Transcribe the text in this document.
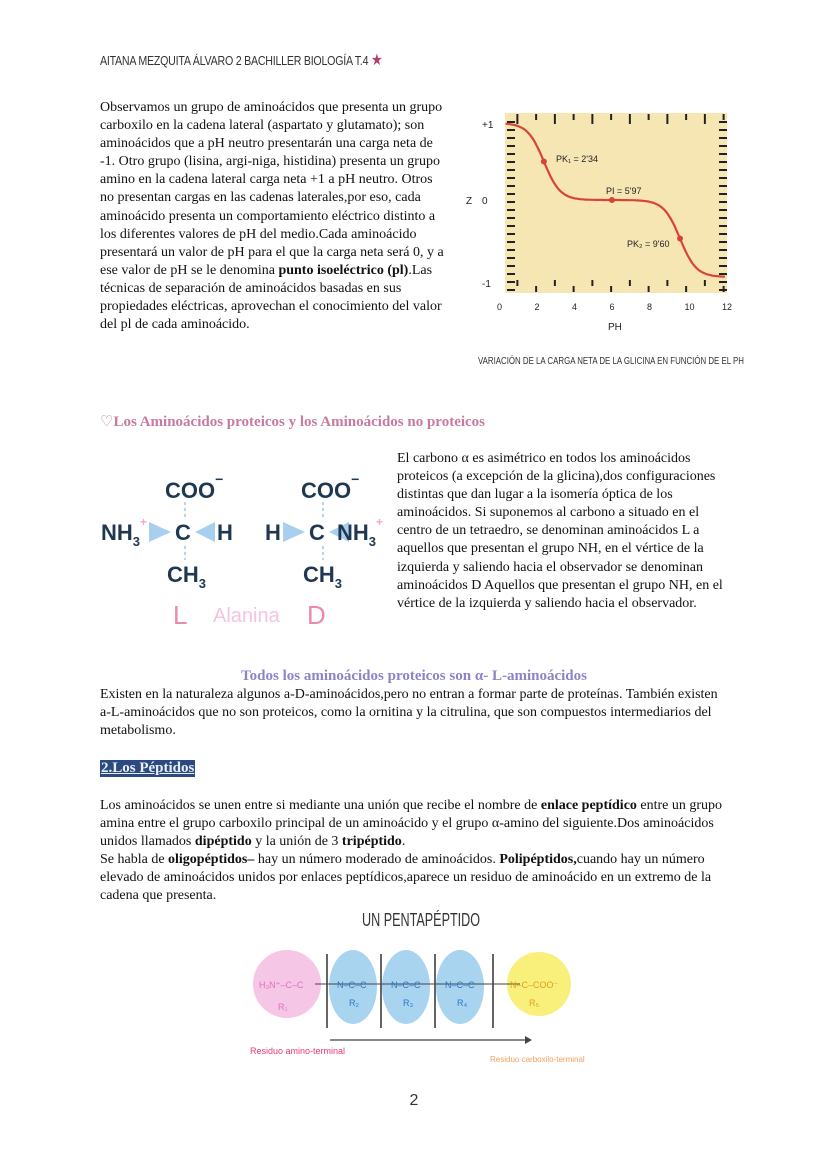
AITANA MEZQUITA ÁLVARO 2 BACHILLER BIOLOGÍA T.4 ★
Observamos un grupo de aminoácidos que presenta un grupo carboxilo en la cadena lateral (aspartato y glutamato); son aminoácidos que a pH neutro presentarán una carga neta de -1. Otro grupo (lisina, argi-niga, histidina) presenta un grupo amino en la cadena lateral carga neta +1 a pH neutro. Otros no presentan cargas en las cadenas laterales,por eso, cada aminoácido presenta un comportamiento eléctrico distinto a los diferentes valores de pH del medio.Cada aminoácido presentará un valor de pH para el que la carga neta será 0, y a ese valor de pH se le denomina punto isoeléctrico (pl).Las técnicas de separación de aminoácidos basadas en sus propiedades eléctricas, aprovechan el conocimiento del valor del pl de cada aminoácido.
+1
0
-1
0	2	4	6	8	10	12
Z
PH
PK₁ = 2'34
PI = 5'97
PK₂ = 9'60
VARIACIÓN DE LA CARGA NETA DE LA GLICINA EN FUNCIÓN DE EL PH
♡Los Aminoácidos proteicos y los Aminoácidos no proteicos
COO−
$NH_3^+$ C H
$CH_3$
COO−
H C $NH_3^+$
$CH_3$
L Alanina D
El carbono α es asimétrico en todos los aminoácidos proteicos (a excepción de la glicina),dos configuraciones distintas que dan lugar a la isomería óptica de los aminoácidos. Si suponemos al carbono a situado en el centro de un tetraedro, se denominan aminoácidos L a aquellos que presentan el grupo NH, en el vértice de la izquierda y saliendo hacia el observador se denominan aminoácidos D Aquellos que presentan el grupo NH, en el vértice de la izquierda y saliendo hacia el observador.
Todos los aminoácidos proteicos son α- L-aminoácidos
Existen en la naturaleza algunos a-D-aminoácidos,pero no entran a formar parte de proteínas. También existen a-L-aminoácidos que no son proteicos, como la ornitina y la citrulina, que son compuestos intermediarios del metabolismo.
2.Los Péptidos
Los aminoácidos se unen entre si mediante una unión que recibe el nombre de enlace peptídico entre un grupo amina entre el grupo carboxilo principal de un aminoácido y el grupo α-amino del siguiente.Dos aminoácidos unidos llamados dipéptido y la unión de 3 tripéptido.
Se habla de oligopéptidos– hay un número moderado de aminoácidos. Polipéptidos,cuando hay un número elevado de aminoácidos unidos por enlaces peptídicos,aparece un residuo de aminoácido en un extremo de la cadena que presenta.
UN PENTAPÉPTIDO
H₃N⁺–C–C
R₁
N–C–C
R₂
N–C–C
R₃
N–C–C
R₄
N–C–COO⁻
R₅
Residuo amino-terminal
Residuo carboxilo-terminal
2
